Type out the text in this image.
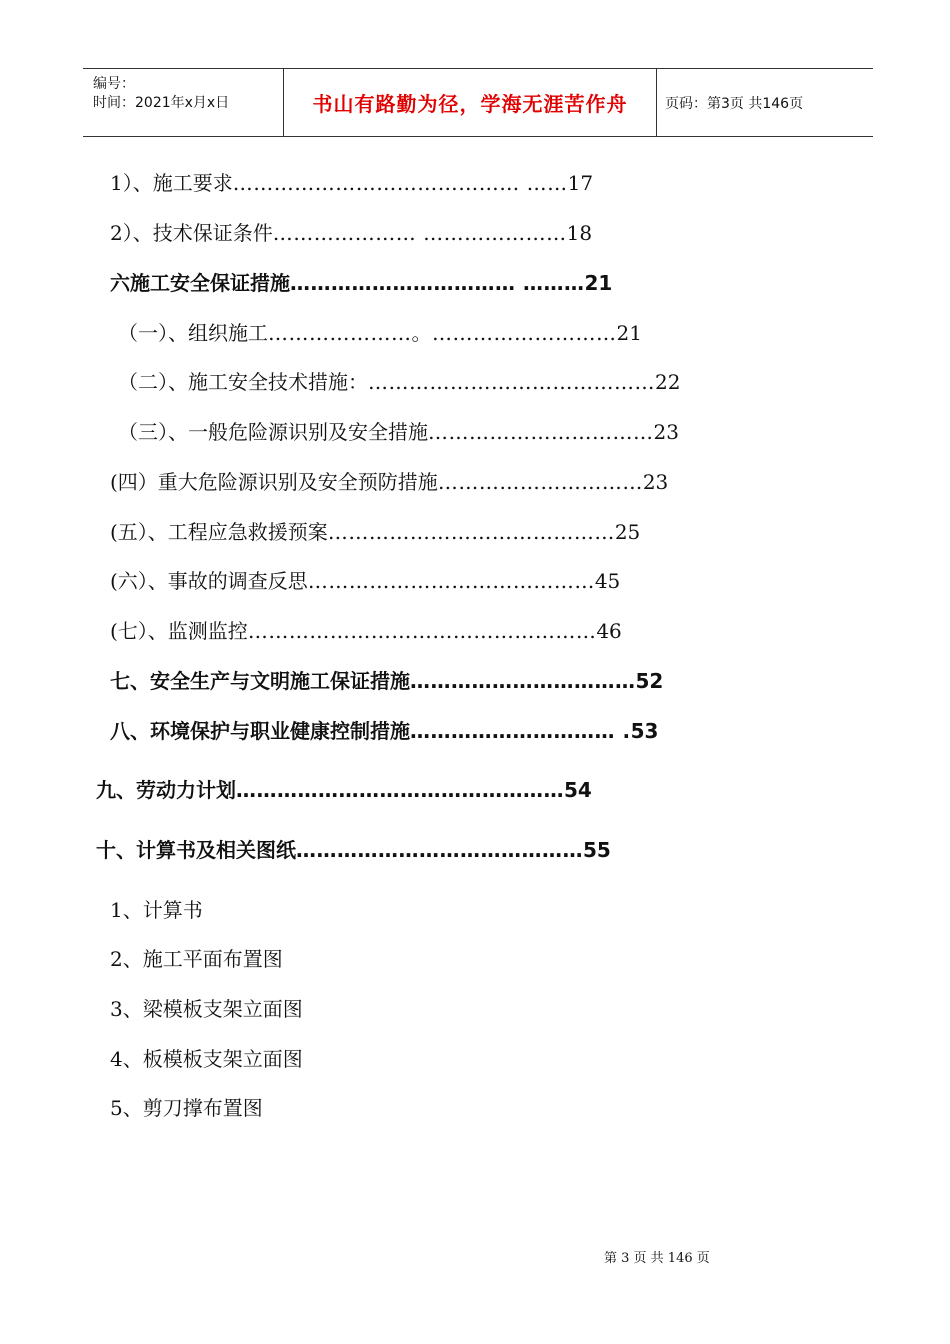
编号：
时间：2021年x月x日	书山有路勤为径，学海无涯苦作舟	页码：第3页 共146页
1）、施工要求…………………………………… ……17
2）、技术保证条件………………… …………………18
六施工安全保证措施…………………………… ………21
（一）、组织施工…………………。………………………21
（二）、施工安全技术措施：……………………………………22
（三）、一般危险源识别及安全措施……………………………23
(四）重大危险源识别及安全预防措施…………………………23
(五）、工程应急救援预案……………………………………25
(六）、事故的调查反思……………………………………45
(七）、监测监控……………………………………………46
七、安全生产与文明施工保证措施……………………………52
八、环境保护与职业健康控制措施………………………… .53
九、劳动力计划…………………………………………54
十、计算书及相关图纸……………………………………55
1、计算书
2、施工平面布置图
3、梁模板支架立面图
4、板模板支架立面图
5、剪刀撑布置图
第 3 页 共 146 页
